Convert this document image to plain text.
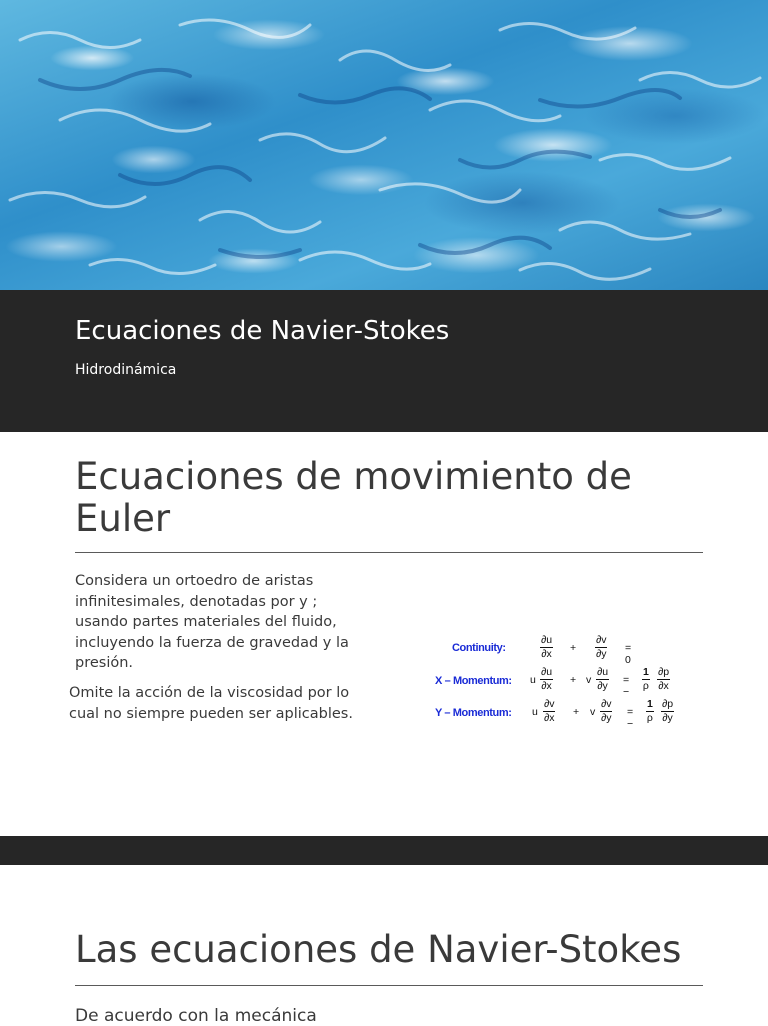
Ecuaciones de Navier-Stokes

Hidrodinámica

Ecuaciones de movimiento de Euler

Considera un ortoedro de aristas infinitesimales, denotadas por y ; usando partes materiales del fluido, incluyendo la fuerza de gravedad y la presión.

Omite la acción de la viscosidad por lo cual no siempre pueden ser aplicables.

Continuity:
X – Momentum:
Y – Momentum:
$\frac{\partial u}{\partial x} + \frac{\partial v}{\partial y} = 0$
u $\frac{\partial u}{\partial x} + v \frac{\partial u}{\partial y}$ = − $\frac{1}{\rho} \frac{\partial p}{\partial x}$
u $\frac{\partial v}{\partial x} + v \frac{\partial v}{\partial y}$ = − $\frac{1}{\rho} \frac{\partial p}{\partial y}$
Las ecuaciones de Navier-Stokes

De acuerdo con la mecánica
